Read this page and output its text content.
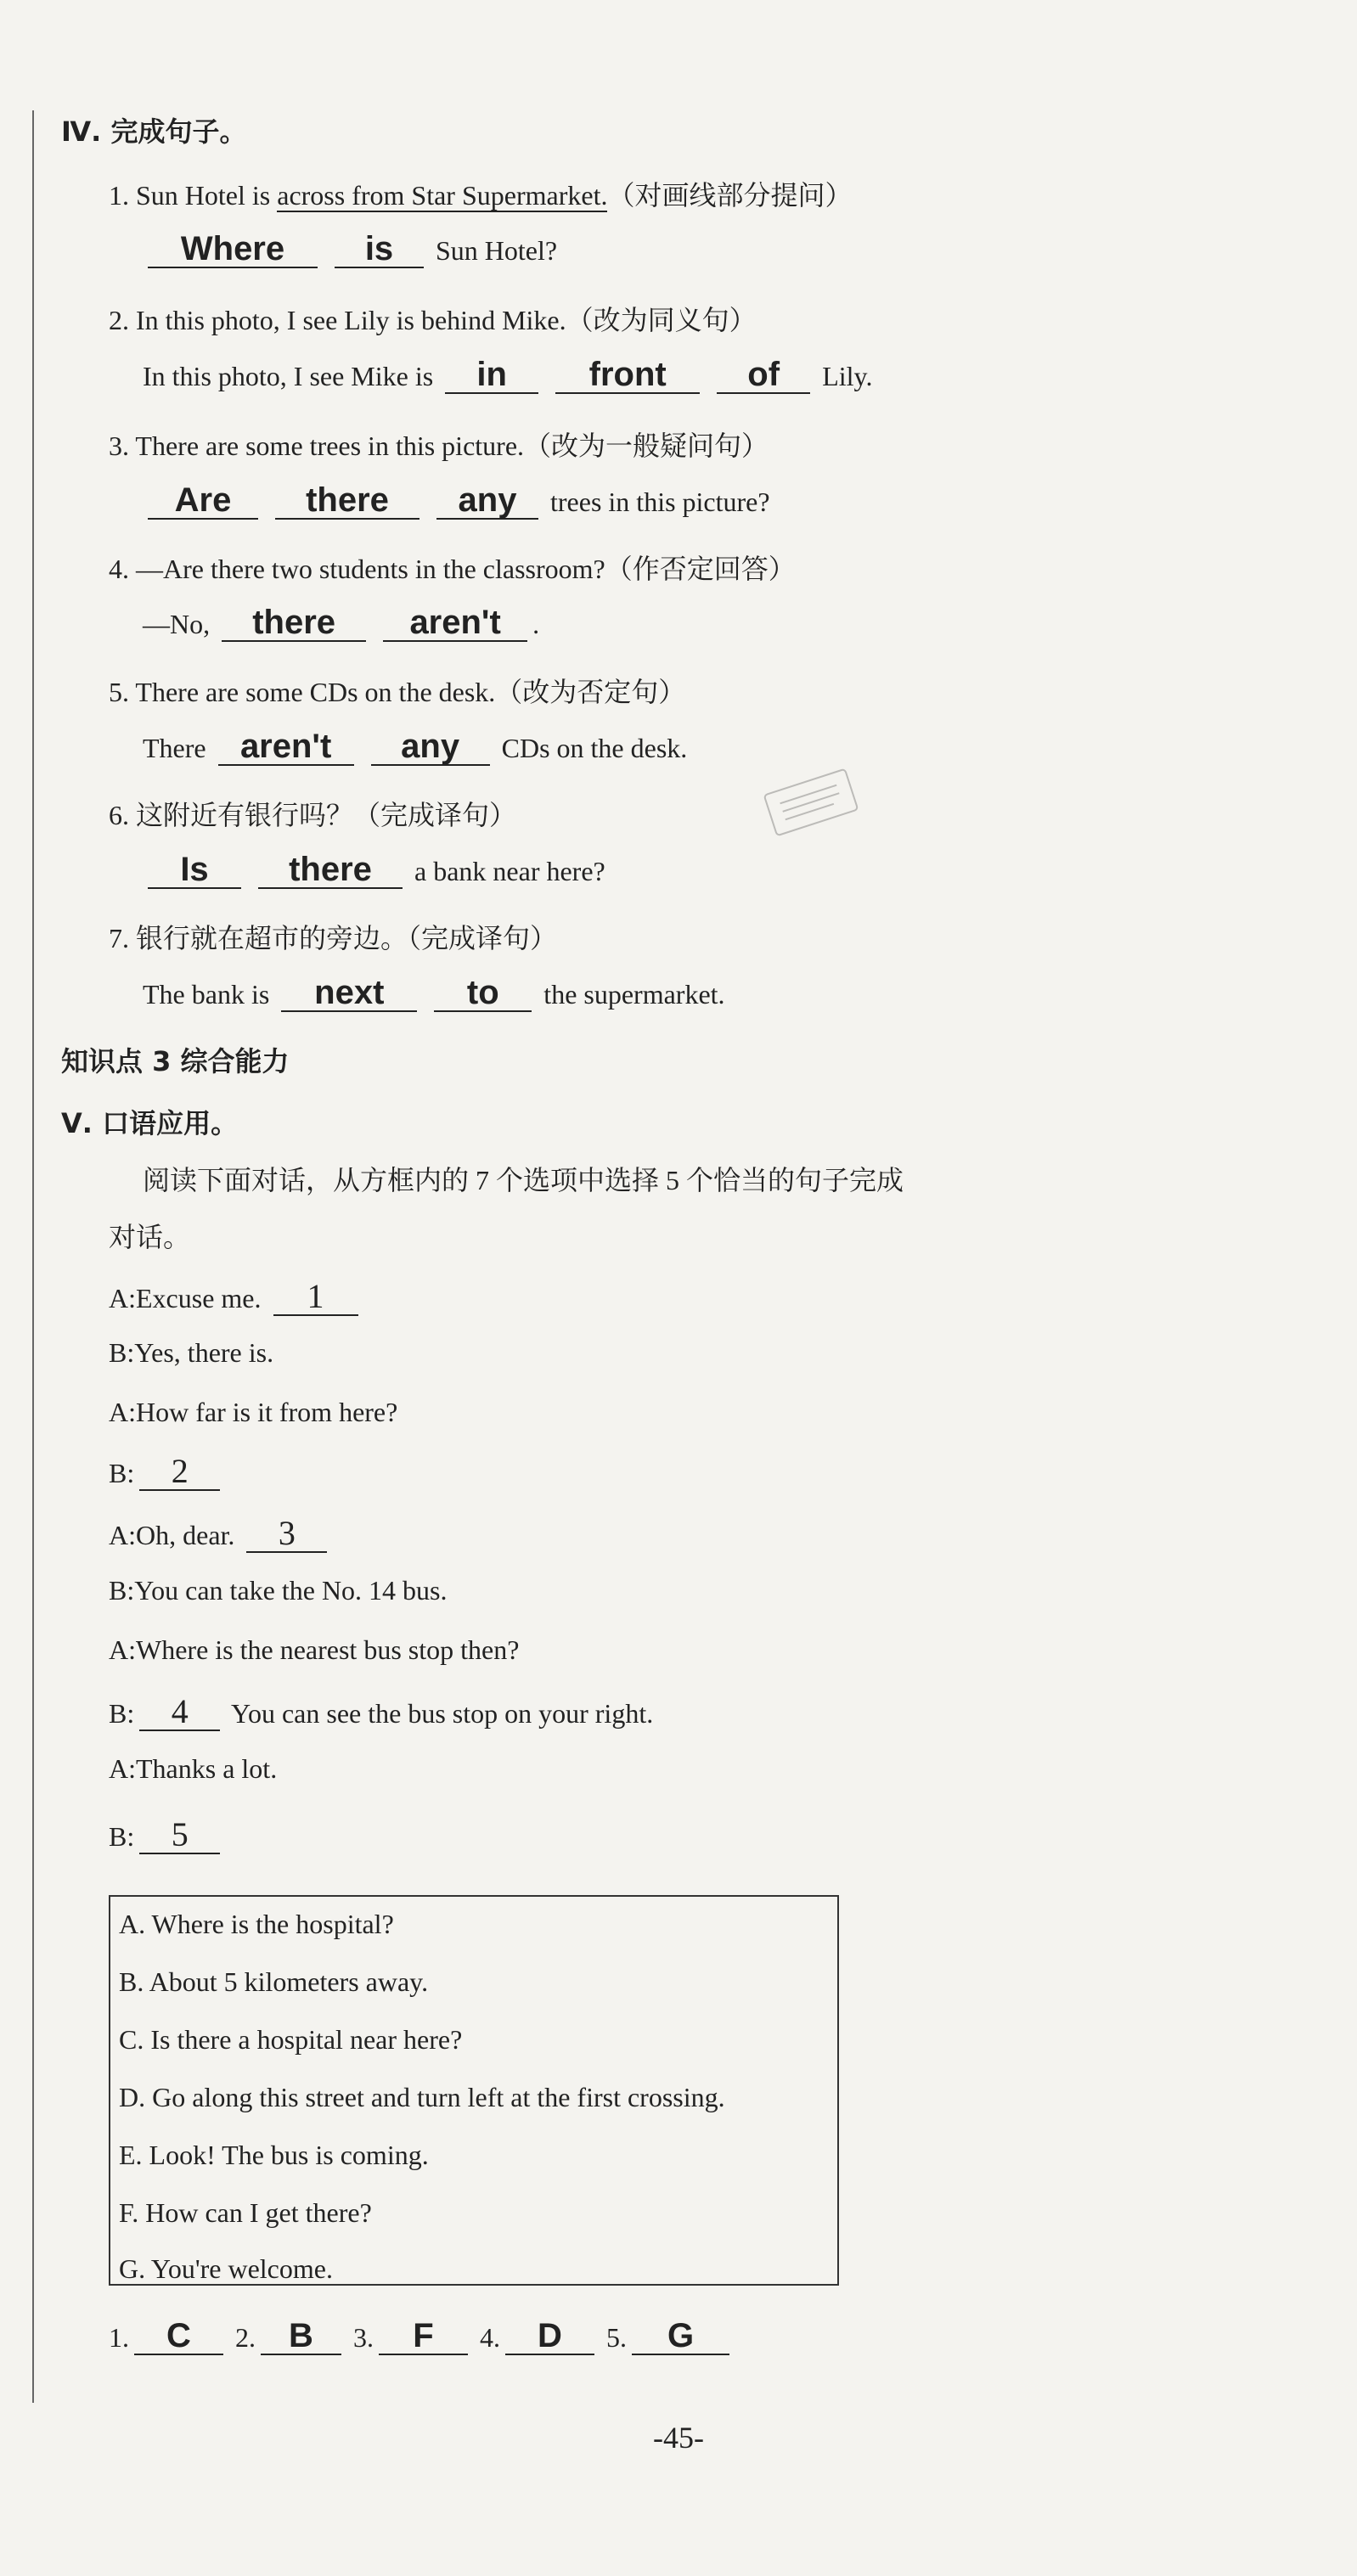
Ⅳ. 完成句子。
1. Sun Hotel is across from Star Supermarket.（对画线部分提问）
Where is Sun Hotel?
2. In this photo, I see Lily is behind Mike.（改为同义句）
In this photo, I see Mike is in front of Lily.
3. There are some trees in this picture.（改为一般疑问句）
Are there any trees in this picture?
4. —Are there two students in the classroom?（作否定回答）
—No, there aren't .
5. There are some CDs on the desk.（改为否定句）
There aren't any CDs on the desk.
6. 这附近有银行吗？（完成译句）
Is there a bank near here?
7. 银行就在超市的旁边。（完成译句）
The bank is next to the supermarket.
知识点 3 综合能力
Ⅴ. 口语应用。
阅读下面对话，从方框内的 7 个选项中选择 5 个恰当的句子完成
对话。
A:Excuse me. 1
B:Yes, there is.
A:How far is it from here?
B: 2
A:Oh, dear. 3
B:You can take the No. 14 bus.
A:Where is the nearest bus stop then?
B: 4 You can see the bus stop on your right.
A:Thanks a lot.
B: 5
A. Where is the hospital?
B. About 5 kilometers away.
C. Is there a hospital near here?
D. Go along this street and turn left at the first crossing.
E. Look! The bus is coming.
F. How can I get there?
G. You're welcome.
1. C 2. B 3. F 4. D 5. G
-45-
